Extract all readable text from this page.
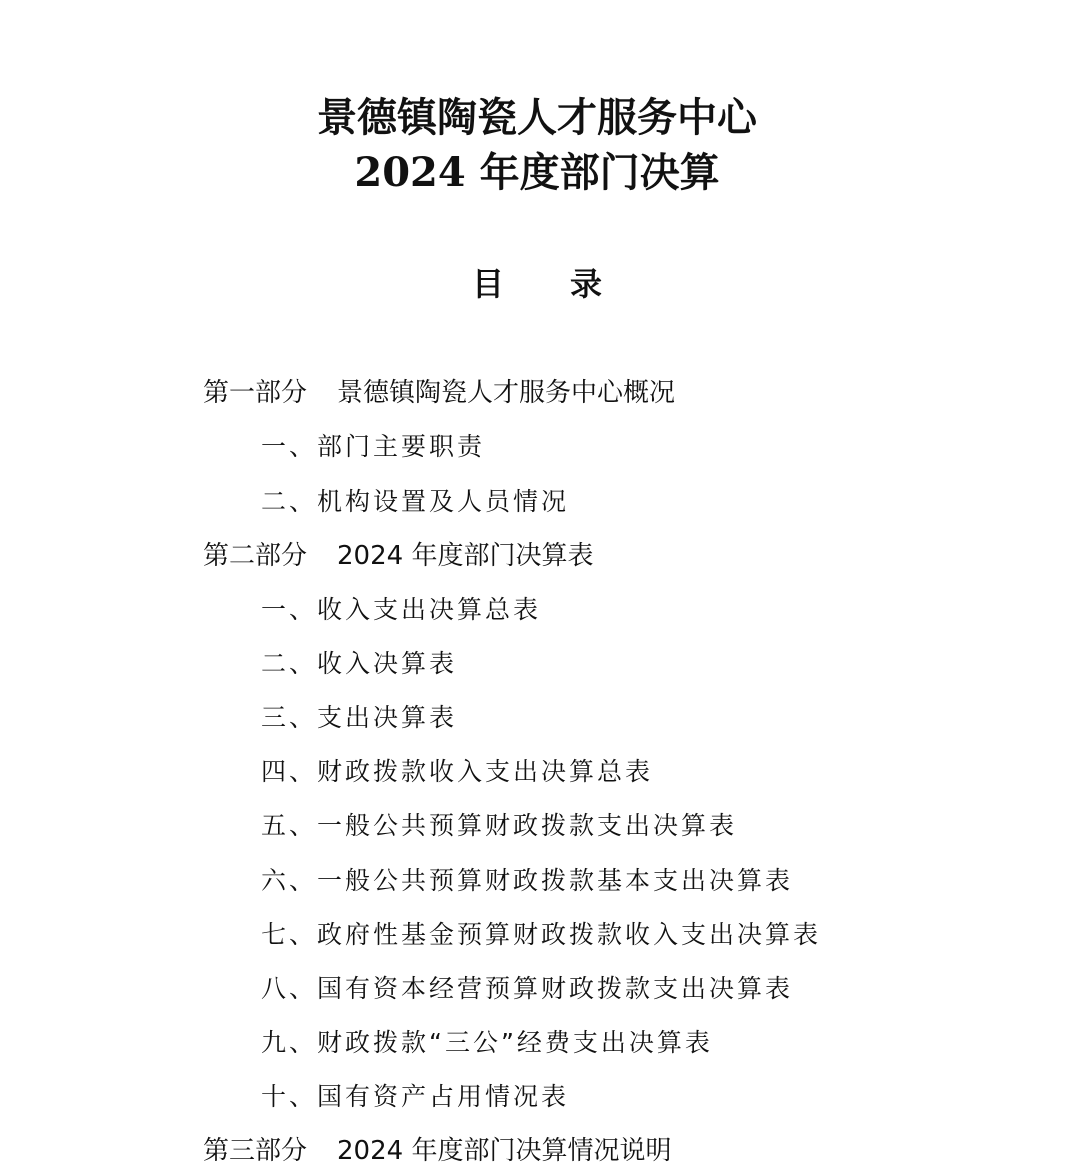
景德镇陶瓷人才服务中心
2024 年度部门决算
目 录
第一部分 景德镇陶瓷人才服务中心概况
一、部门主要职责
二、机构设置及人员情况
第二部分 2024 年度部门决算表
一、收入支出决算总表
二、收入决算表
三、支出决算表
四、财政拨款收入支出决算总表
五、一般公共预算财政拨款支出决算表
六、一般公共预算财政拨款基本支出决算表
七、政府性基金预算财政拨款收入支出决算表
八、国有资本经营预算财政拨款支出决算表
九、财政拨款“三公”经费支出决算表
十、国有资产占用情况表
第三部分 2024 年度部门决算情况说明
